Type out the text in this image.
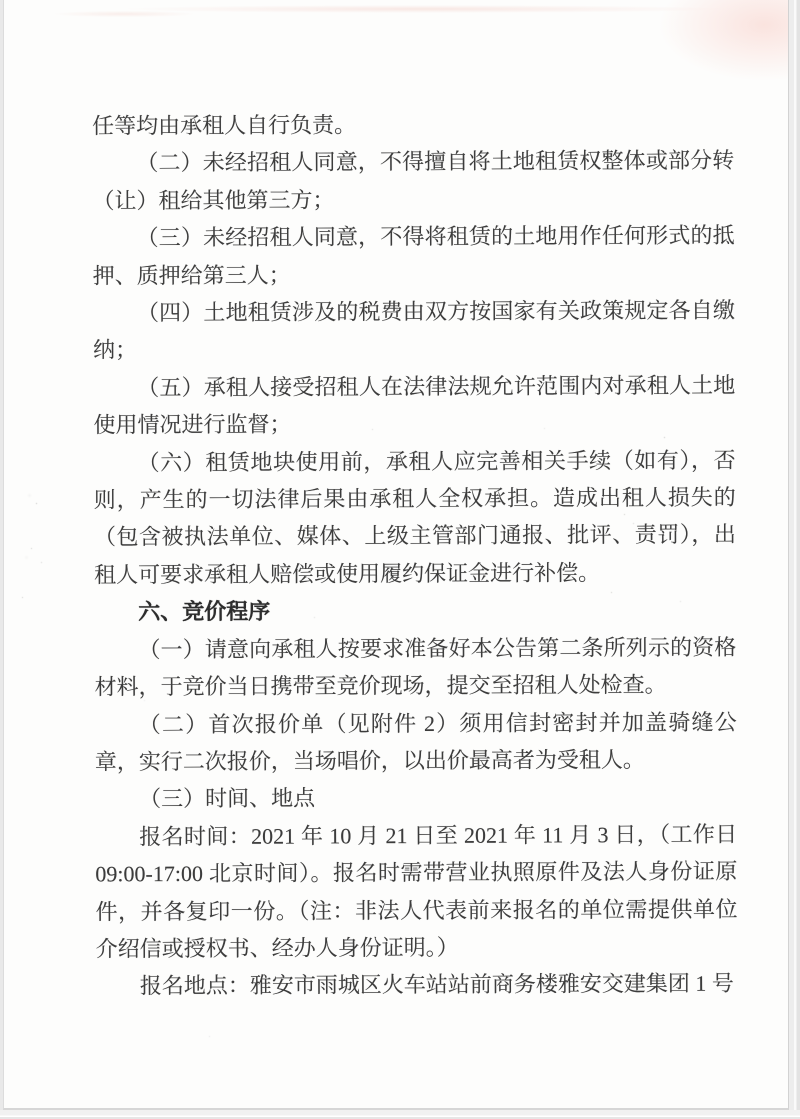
任等均由承租人自行负责。

（二）未经招租人同意，不得擅自将土地租赁权整体或部分转（让）租给其他第三方；

（三）未经招租人同意，不得将租赁的土地用作任何形式的抵押、质押给第三人；

（四）土地租赁涉及的税费由双方按国家有关政策规定各自缴纳；

（五）承租人接受招租人在法律法规允许范围内对承租人土地使用情况进行监督；

（六）租赁地块使用前，承租人应完善相关手续（如有），否则，产生的一切法律后果由承租人全权承担。造成出租人损失的（包含被执法单位、媒体、上级主管部门通报、批评、责罚），出租人可要求承租人赔偿或使用履约保证金进行补偿。

六、竞价程序

（一）请意向承租人按要求准备好本公告第二条所列示的资格材料，于竞价当日携带至竞价现场，提交至招租人处检查。

（二）首次报价单（见附件 2）须用信封密封并加盖骑缝公章，实行二次报价，当场唱价，以出价最高者为受租人。

（三）时间、地点

报名时间：2021 年 10 月 21 日至 2021 年 11 月 3 日，（工作日 09:00-17:00 北京时间）。报名时需带营业执照原件及法人身份证原件，并各复印一份。（注：非法人代表前来报名的单位需提供单位介绍信或授权书、经办人身份证明。）

报名地点：雅安市雨城区火车站站前商务楼雅安交建集团 1 号
